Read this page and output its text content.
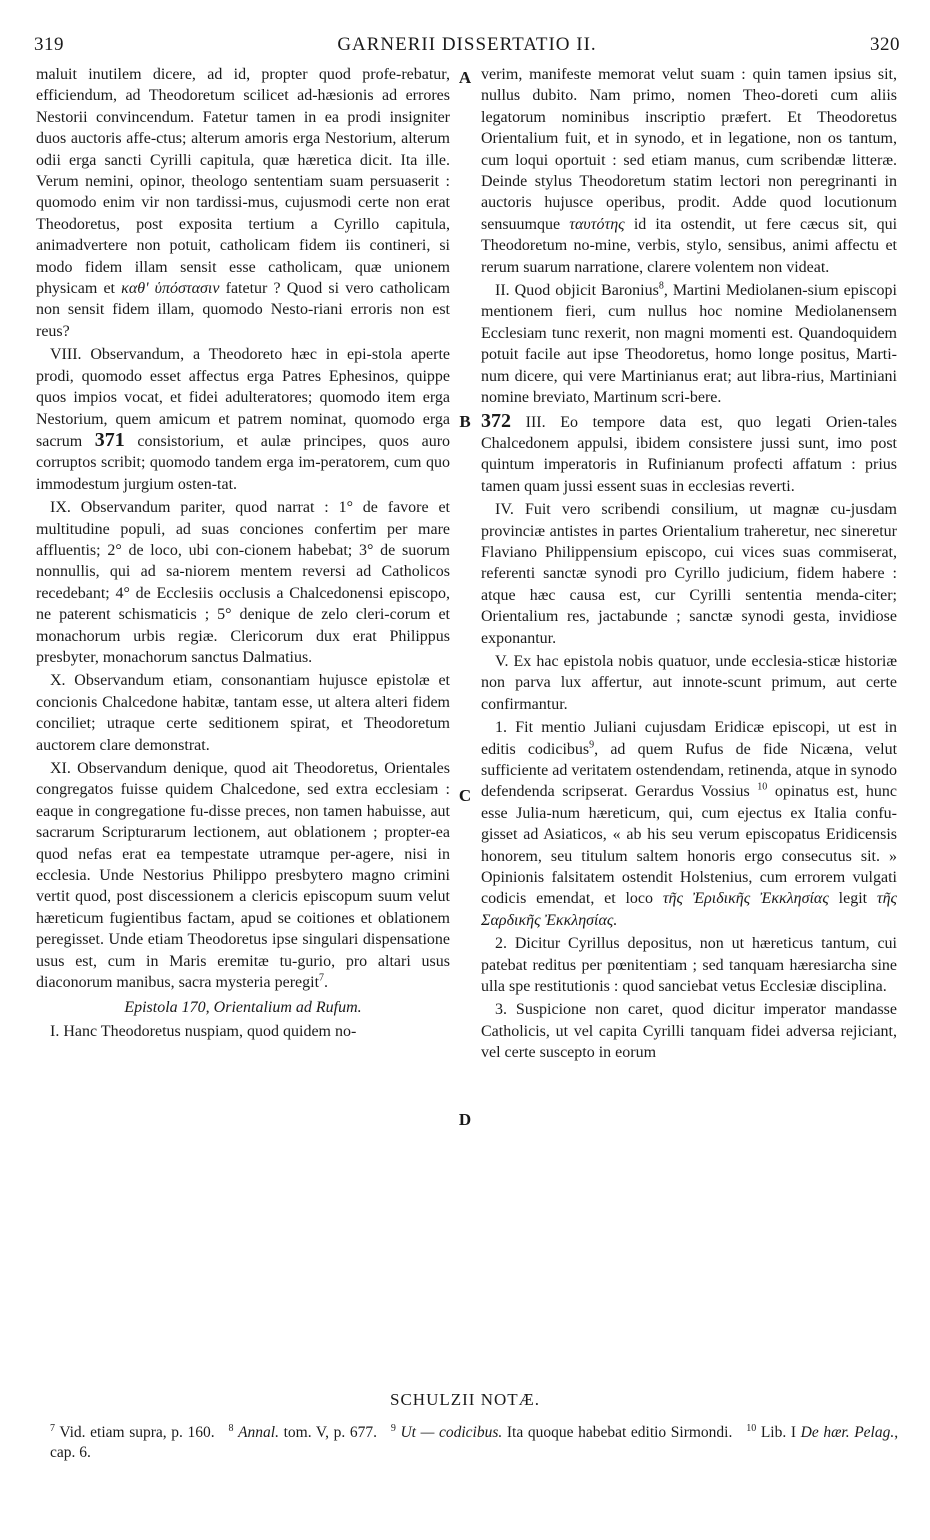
319	GARNERII DISSERTATIO II.	320
A
B
C
D

maluit inutilem dicere, ad id, propter quod profe-rebatur, efficiendum, ad Theodoretum scilicet ad-hæsionis ad errores Nestorii convincendum. Fatetur tamen in ea prodi insigniter duos auctoris affe-ctus; alterum amoris erga Nestorium, alterum odii erga sancti Cyrilli capitula, quæ hæretica dicit. Ita ille. Verum nemini, opinor, theologo sententiam suam persuaserit : quomodo enim vir non tardissi-mus, cujusmodi certe non erat Theodoretus, post exposita tertium a Cyrillo capitula, animadvertere non potuit, catholicam fidem iis contineri, si modo fidem illam sensit esse catholicam, quæ unionem physicam et καθ' ὑπόστασιν fatetur ? Quod si vero catholicam non sensit fidem illam, quomodo Nesto-riani erroris non est reus?

VIII. Observandum, a Theodoreto hæc in epi-stola aperte prodi, quomodo esset affectus erga Patres Ephesinos, quippe quos impios vocat, et fidei adulteratores; quomodo item erga Nestorium, quem amicum et patrem nominat, quomodo erga sacrum 371 consistorium, et aulæ principes, quos auro corruptos scribit; quomodo tandem erga im-peratorem, cum quo immodestum jurgium osten-tat.

IX. Observandum pariter, quod narrat : 1° de favore et multitudine populi, ad suas conciones confertim per mare affluentis; 2° de loco, ubi con-cionem habebat; 3° de suorum nonnullis, qui ad sa-niorem mentem reversi ad Catholicos recedebant; 4° de Ecclesiis occlusis a Chalcedonensi episcopo, ne paterent schismaticis ; 5° denique de zelo cleri-corum et monachorum urbis regiæ. Clericorum dux erat Philippus presbyter, monachorum sanctus Dalmatius.

X. Observandum etiam, consonantiam hujusce epistolæ et concionis Chalcedone habitæ, tantam esse, ut altera alteri fidem conciliet; utraque certe seditionem spirat, et Theodoretum auctorem clare demonstrat.

XI. Observandum denique, quod ait Theodoretus, Orientales congregatos fuisse quidem Chalcedone, sed extra ecclesiam : eaque in congregatione fu-disse preces, non tamen habuisse, aut sacrarum Scripturarum lectionem, aut oblationem ; propter-ea quod nefas erat ea tempestate utramque per-agere, nisi in ecclesia. Unde Nestorius Philippo presbytero magno crimini vertit quod, post discessionem a clericis episcopum suum velut hæreticum fugientibus factam, apud se coitiones et oblationem peregisset. Unde etiam Theodoretus ipse singulari dispensatione usus est, cum in Maris eremitæ tu-gurio, pro altari usus diaconorum manibus, sacra mysteria peregit$^7$.

Epistola 170, Orientalium ad Rufum.

I. Hanc Theodoretus nuspiam, quod quidem no-

verim, manifeste memorat velut suam : quin tamen ipsius sit, nullus dubito. Nam primo, nomen Theo-doreti cum aliis legatorum nominibus inscriptio præfert. Et Theodoretus Orientalium fuit, et in synodo, et in legatione, non os tantum, cum loqui oportuit : sed etiam manus, cum scribendæ litteræ. Deinde stylus Theodoretum statim lectori non peregrinanti in auctoris hujusce operibus, prodit. Adde quod locutionum sensuumque ταυτότης id ita ostendit, ut fere cæcus sit, qui Theodoretum no-mine, verbis, stylo, sensibus, animi affectu et rerum suarum narratione, clarere volentem non videat.

II. Quod objicit Baronius$^8$, Martini Mediolanen-sium episcopi mentionem fieri, cum nullus hoc nomine Mediolanensem Ecclesiam tunc rexerit, non magni momenti est. Quandoquidem potuit facile aut ipse Theodoretus, homo longe positus, Marti-num dicere, qui vere Martinianus erat; aut libra-rius, Martiniani nomine breviato, Martinum scri-bere.

372 III. Eo tempore data est, quo legati Orien-tales Chalcedonem appulsi, ibidem consistere jussi sunt, imo post quintum imperatoris in Rufinianum profecti affatum : prius tamen quam jussi essent suas in ecclesias reverti.

IV. Fuit vero scribendi consilium, ut magnæ cu-jusdam provinciæ antistes in partes Orientalium traheretur, nec sineretur Flaviano Philippensium episcopo, cui vices suas commiserat, referenti sanctæ synodi pro Cyrillo judicium, fidem habere : atque hæc causa est, cur Cyrilli sententia menda-citer; Orientalium res, jactabunde ; sanctæ synodi gesta, invidiose exponantur.

V. Ex hac epistola nobis quatuor, unde ecclesia-sticæ historiæ non parva lux affertur, aut innote-scunt primum, aut certe confirmantur.

1. Fit mentio Juliani cujusdam Eridicæ episcopi, ut est in editis codicibus$^9$, ad quem Rufus de fide Nicæna, velut sufficiente ad veritatem ostendendam, retinenda, atque in synodo defendenda scripserat. Gerardus Vossius $^{10}$ opinatus est, hunc esse Julia-num hæreticum, qui, cum ejectus ex Italia confu-gisset ad Asiaticos, « ab his seu verum episcopatus Eridicensis honorem, seu titulum saltem honoris ergo consecutus sit. » Opinionis falsitatem ostendit Holstenius, cum errorem vulgati codicis emendat, et loco τῆς Ἐριδικῆς Ἐκκλησίας legit τῆς Σαρδικῆς Ἐκκλησίας.

2. Dicitur Cyrillus depositus, non ut hæreticus tantum, cui patebat reditus per pœnitentiam ; sed tanquam hæresiarcha sine ulla spe restitutionis : quod sanciebat vetus Ecclesiæ disciplina.

3. Suspicione non caret, quod dicitur imperator mandasse Catholicis, ut vel capita Cyrilli tanquam fidei adversa rejiciant, vel certe suscepto in eorum

SCHULZII NOTÆ.
$^7$ Vid. etiam supra, p. 160. $^8$ Annal. tom. V, p. 677. $^9$ Ut — codicibus. Ita quoque habebat editio Sirmondi. $^{10}$ Lib. I De hær. Pelag., cap. 6.
